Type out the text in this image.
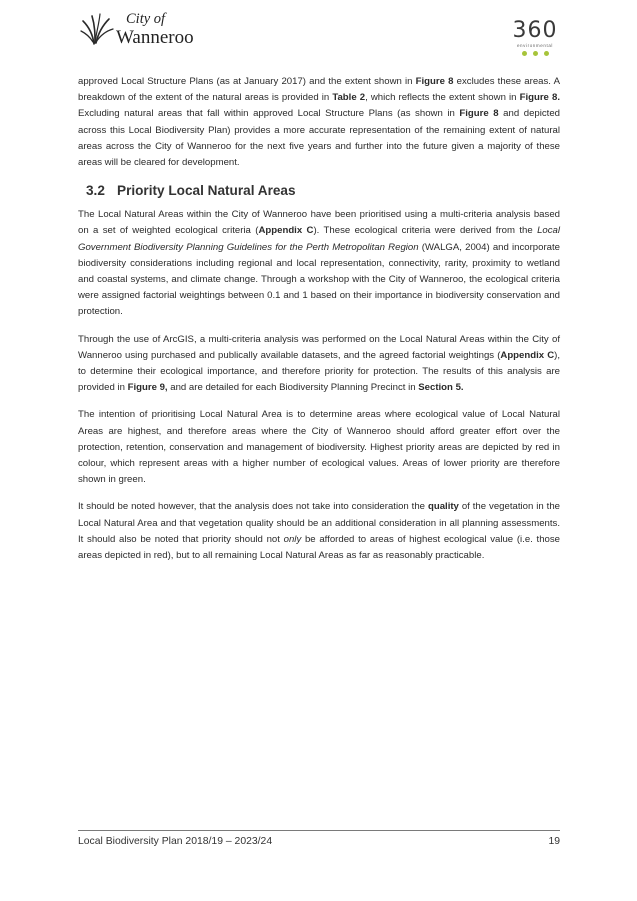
City of
Wanneroo	360
environmental

approved Local Structure Plans (as at January 2017) and the extent shown in Figure 8 excludes these areas. A breakdown of the extent of the natural areas is provided in Table 2, which reflects the extent shown in Figure 8. Excluding natural areas that fall within approved Local Structure Plans (as shown in Figure 8 and depicted across this Local Biodiversity Plan) provides a more accurate representation of the remaining extent of natural areas across the City of Wanneroo for the next five years and further into the future given a majority of these areas will be cleared for development.

3.2 Priority Local Natural Areas

The Local Natural Areas within the City of Wanneroo have been prioritised using a multi-criteria analysis based on a set of weighted ecological criteria (Appendix C). These ecological criteria were derived from the Local Government Biodiversity Planning Guidelines for the Perth Metropolitan Region (WALGA, 2004) and incorporate biodiversity considerations including regional and local representation, connectivity, rarity, proximity to wetland and coastal systems, and climate change. Through a workshop with the City of Wanneroo, the ecological criteria were assigned factorial weightings between 0.1 and 1 based on their importance in biodiversity conservation and protection.

Through the use of ArcGIS, a multi-criteria analysis was performed on the Local Natural Areas within the City of Wanneroo using purchased and publically available datasets, and the agreed factorial weightings (Appendix C), to determine their ecological importance, and therefore priority for protection. The results of this analysis are provided in Figure 9, and are detailed for each Biodiversity Planning Precinct in Section 5.

The intention of prioritising Local Natural Area is to determine areas where ecological value of Local Natural Areas are highest, and therefore areas where the City of Wanneroo should afford greater effort over the protection, retention, conservation and management of biodiversity. Highest priority areas are depicted by red in colour, which represent areas with a higher number of ecological values. Areas of lower priority are therefore shown in green.

It should be noted however, that the analysis does not take into consideration the quality of the vegetation in the Local Natural Area and that vegetation quality should be an additional consideration in all planning assessments. It should also be noted that priority should not only be afforded to areas of highest ecological value (i.e. those areas depicted in red), but to all remaining Local Natural Areas as far as reasonably practicable.

Local Biodiversity Plan 2018/19 – 2023/24	19
